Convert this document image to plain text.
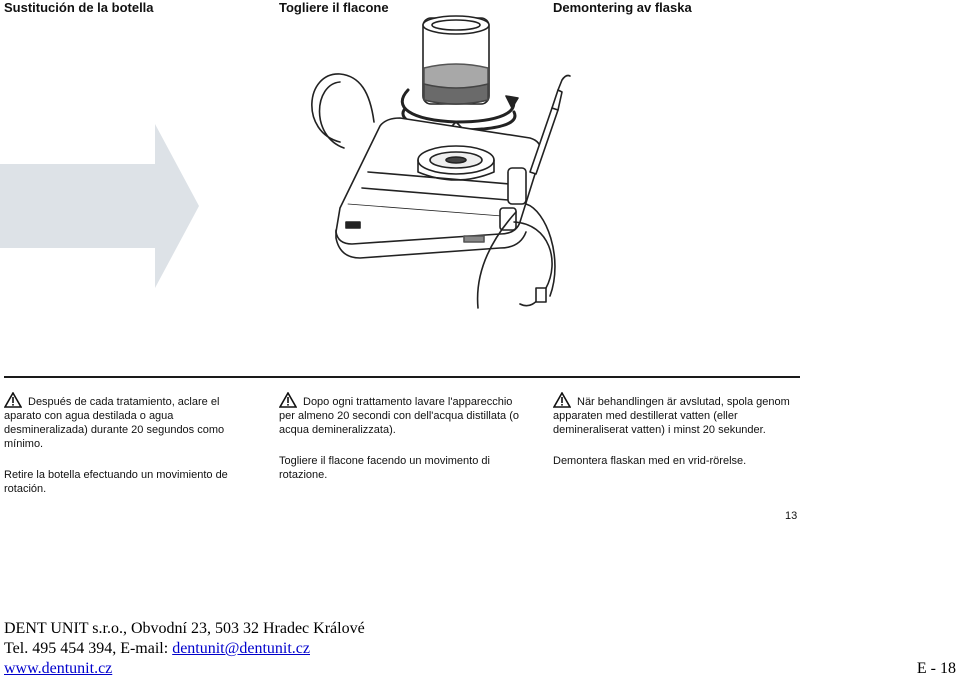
Sustitución de la botella	Togliere il flacone	Demontering av flaska
Después de cada tratamiento, aclare el aparato con agua destilada o agua desmineralizada) durante 20 segundos como mínimo.
Retire la botella efectuando un movimiento de rotación.
Dopo ogni trattamento lavare l'apparecchio per almeno 20 secondi con dell'acqua distillata (o acqua demineralizzata).
Togliere il flacone facendo un movimento di rotazione.
När behandlingen är avslutad, spola genom apparaten med destillerat vatten (eller demineraliserat vatten) i minst 20 sekunder.
Demontera flaskan med en vrid-rörelse.
13
DENT UNIT s.r.o., Obvodní 23, 503 32 Hradec Králové
Tel. 495 454 394, E-mail: dentunit@dentunit.cz
www.dentunit.cz	E - 18
